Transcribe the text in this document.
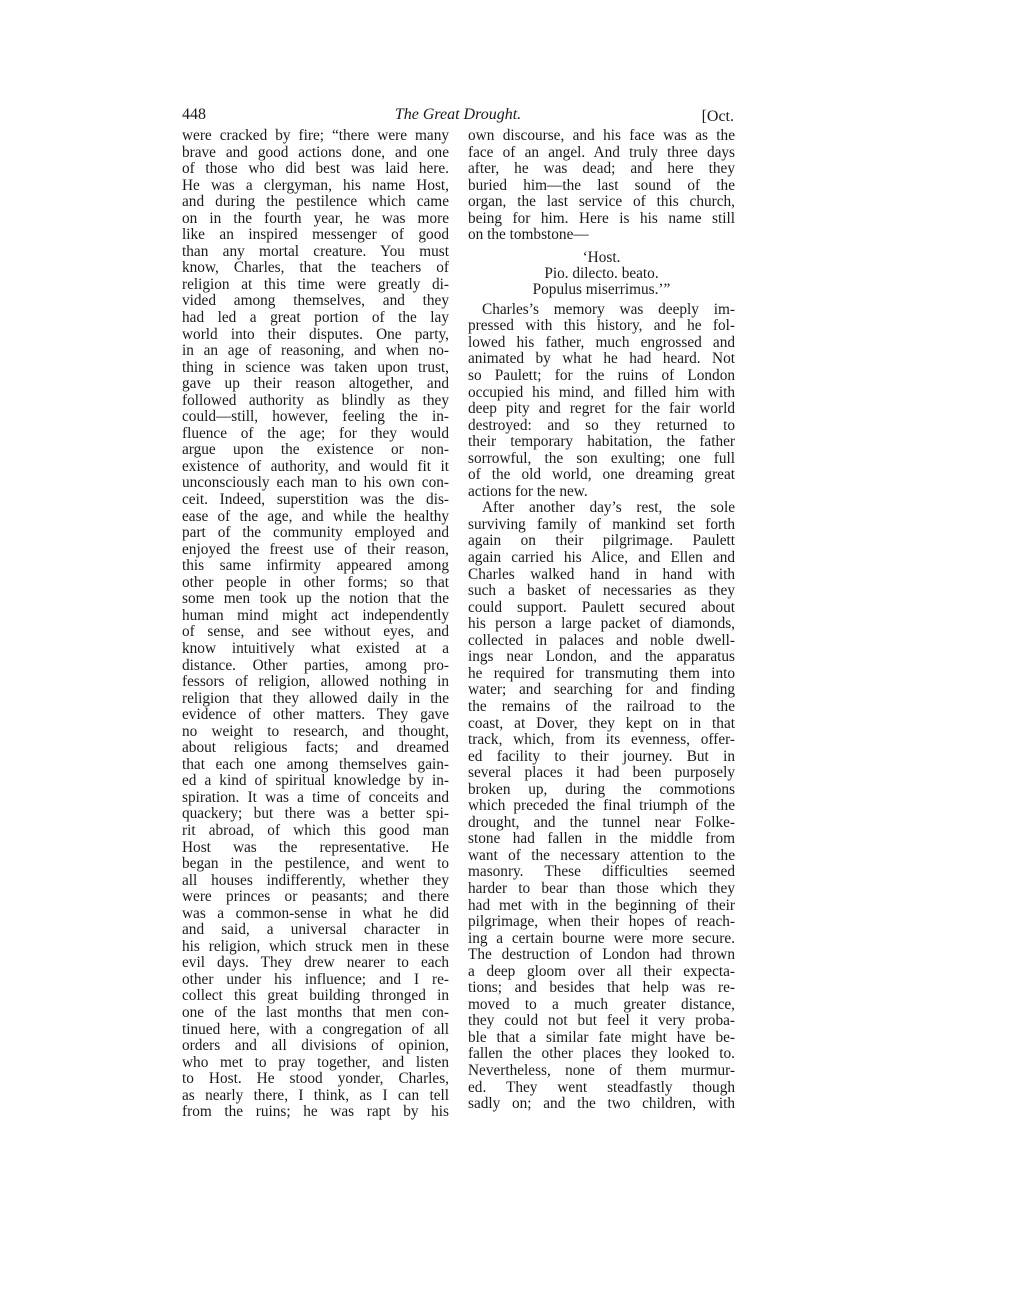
448	The Great Drought.	[Oct.
were cracked by fire; “there were many
brave and good actions done, and one
of those who did best was laid here.
He was a clergyman, his name Host,
and during the pestilence which came
on in the fourth year, he was more
like an inspired messenger of good
than any mortal creature. You must
know, Charles, that the teachers of
religion at this time were greatly di-
vided among themselves, and they
had led a great portion of the lay
world into their disputes. One party,
in an age of reasoning, and when no-
thing in science was taken upon trust,
gave up their reason altogether, and
followed authority as blindly as they
could—still, however, feeling the in-
fluence of the age; for they would
argue upon the existence or non-
existence of authority, and would fit it
unconsciously each man to his own con-
ceit. Indeed, superstition was the dis-
ease of the age, and while the healthy
part of the community employed and
enjoyed the freest use of their reason,
this same infirmity appeared among
other people in other forms; so that
some men took up the notion that the
human mind might act independently
of sense, and see without eyes, and
know intuitively what existed at a
distance. Other parties, among pro-
fessors of religion, allowed nothing in
religion that they allowed daily in the
evidence of other matters. They gave
no weight to research, and thought,
about religious facts; and dreamed
that each one among themselves gain-
ed a kind of spiritual knowledge by in-
spiration. It was a time of conceits and
quackery; but there was a better spi-
rit abroad, of which this good man
Host was the representative. He
began in the pestilence, and went to
all houses indifferently, whether they
were princes or peasants; and there
was a common-sense in what he did
and said, a universal character in
his religion, which struck men in these
evil days. They drew nearer to each
other under his influence; and I re-
collect this great building thronged in
one of the last months that men con-
tinued here, with a congregation of all
orders and all divisions of opinion,
who met to pray together, and listen
to Host. He stood yonder, Charles,
as nearly there, I think, as I can tell
from the ruins; he was rapt by his
own discourse, and his face was as the
face of an angel. And truly three days
after, he was dead; and here they
buried him—the last sound of the
organ, the last service of this church,
being for him. Here is his name still
on the tombstone—
‘Host.
Pio. dilecto. beato.
Populus miserrimus.’”
Charles’s memory was deeply im-
pressed with this history, and he fol-
lowed his father, much engrossed and
animated by what he had heard. Not
so Paulett; for the ruins of London
occupied his mind, and filled him with
deep pity and regret for the fair world
destroyed: and so they returned to
their temporary habitation, the father
sorrowful, the son exulting; one full
of the old world, one dreaming great
actions for the new.
After another day’s rest, the sole
surviving family of mankind set forth
again on their pilgrimage. Paulett
again carried his Alice, and Ellen and
Charles walked hand in hand with
such a basket of necessaries as they
could support. Paulett secured about
his person a large packet of diamonds,
collected in palaces and noble dwell-
ings near London, and the apparatus
he required for transmuting them into
water; and searching for and finding
the remains of the railroad to the
coast, at Dover, they kept on in that
track, which, from its evenness, offer-
ed facility to their journey. But in
several places it had been purposely
broken up, during the commotions
which preceded the final triumph of the
drought, and the tunnel near Folke-
stone had fallen in the middle from
want of the necessary attention to the
masonry. These difficulties seemed
harder to bear than those which they
had met with in the beginning of their
pilgrimage, when their hopes of reach-
ing a certain bourne were more secure.
The destruction of London had thrown
a deep gloom over all their expecta-
tions; and besides that help was re-
moved to a much greater distance,
they could not but feel it very proba-
ble that a similar fate might have be-
fallen the other places they looked to.
Nevertheless, none of them murmur-
ed. They went steadfastly though
sadly on; and the two children, with
